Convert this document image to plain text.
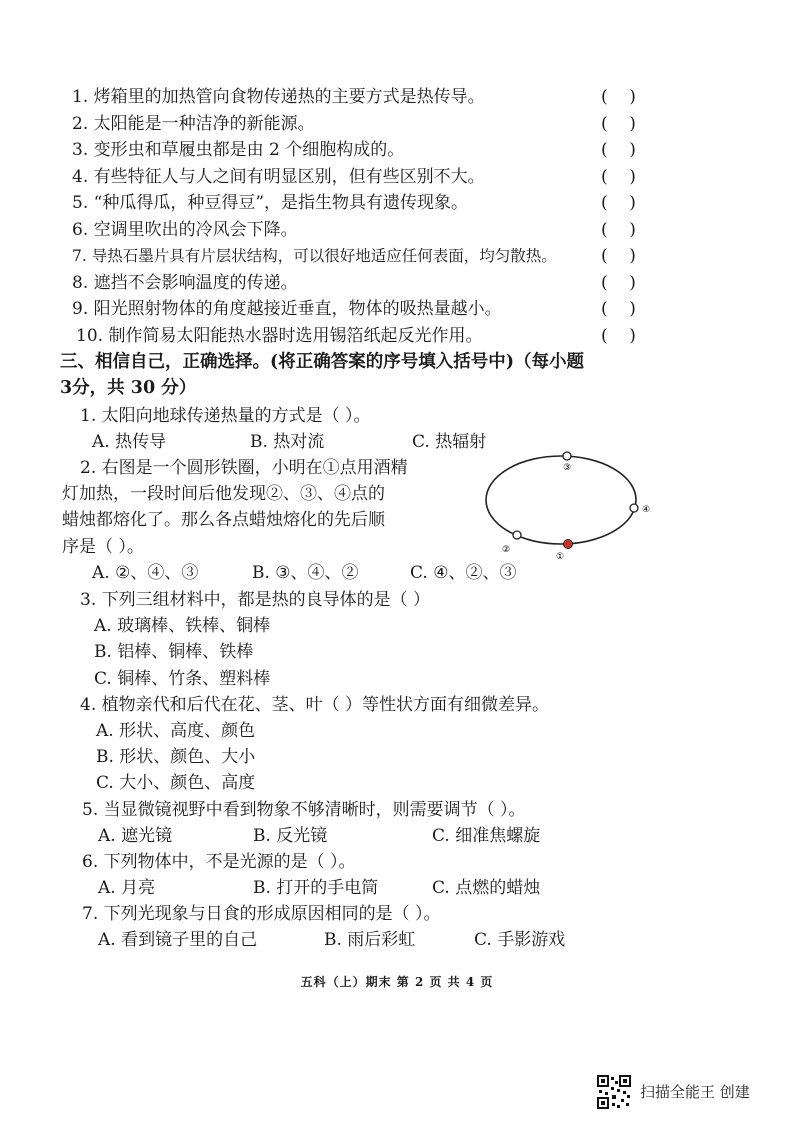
1. 烤箱里的加热管向食物传递热的主要方式是热传导。	(    )
2. 太阳能是一种洁净的新能源。	(    )
3. 变形虫和草履虫都是由 2 个细胞构成的。	(    )
4. 有些特征人与人之间有明显区别，但有些区别不大。	(    )
5. “种瓜得瓜，种豆得豆”，是指生物具有遗传现象。	(    )
6. 空调里吹出的冷风会下降。	(    )
7. 导热石墨片具有片层状结构，可以很好地适应任何表面，均匀散热。	(    )
8. 遮挡不会影响温度的传递。	(    )
9. 阳光照射物体的角度越接近垂直，物体的吸热量越小。	(    )
10. 制作简易太阳能热水器时选用锡箔纸起反光作用。	(    )
三、相信自己，正确选择。(将正确答案的序号填入括号中)（每小题
3分，共 30 分）
1. 太阳向地球传递热量的方式是（ ）。
A. 热传导	B. 热对流	C. 热辐射
2. 右图是一个圆形铁圈，小明在①点用酒精
灯加热，一段时间后他发现②、③、④点的
蜡烛都熔化了。那么各点蜡烛熔化的先后顺
序是（ ）。
③
④
②
①
A. ②、④、③	B. ③、④、②	C. ④、②、③
3. 下列三组材料中，都是热的良导体的是（ ）
A. 玻璃棒、铁棒、铜棒
B. 铝棒、铜棒、铁棒
C. 铜棒、竹条、塑料棒
4. 植物亲代和后代在花、茎、叶（ ）等性状方面有细微差异。
A. 形状、高度、颜色
B. 形状、颜色、大小
C. 大小、颜色、高度
5. 当显微镜视野中看到物象不够清晰时，则需要调节（ ）。
A. 遮光镜	B. 反光镜	C. 细准焦螺旋
6. 下列物体中，不是光源的是（ ）。
A. 月亮	B. 打开的手电筒	C. 点燃的蜡烛
7. 下列光现象与日食的形成原因相同的是（ ）。
A. 看到镜子里的自己	B. 雨后彩虹	C. 手影游戏
五科（上）期末 第 2 页 共 4 页
扫描全能王 创建
